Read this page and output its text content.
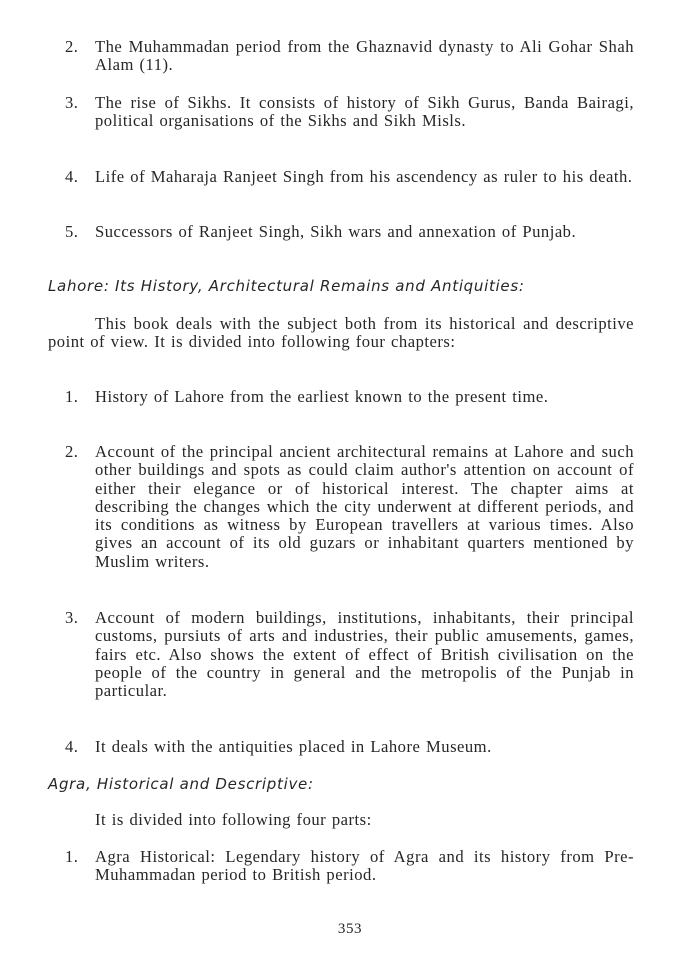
2. The Muhammadan period from the Ghaznavid dynasty to Ali Gohar Shah Alam (11).
3. The rise of Sikhs. It consists of history of Sikh Gurus, Banda Bairagi, political organisations of the Sikhs and Sikh Misls.
4. Life of Maharaja Ranjeet Singh from his ascendency as ruler to his death.
5. Successors of Ranjeet Singh, Sikh wars and annexation of Punjab.
Lahore: Its History, Architectural Remains and Antiquities:
This book deals with the subject both from its historical and descriptive point of view. It is divided into following four chapters:
1. History of Lahore from the earliest known to the present time.
2. Account of the principal ancient architectural remains at Lahore and such other buildings and spots as could claim author's attention on account of either their elegance or of historical interest. The chapter aims at describing the changes which the city underwent at different periods, and its conditions as witness by European travellers at various times. Also gives an account of its old guzars or inhabitant quarters mentioned by Muslim writers.
3. Account of modern buildings, institutions, inhabitants, their principal customs, pursiuts of arts and industries, their public amusements, games, fairs etc. Also shows the extent of effect of British civilisation on the people of the country in general and the metropolis of the Punjab in particular.
4. It deals with the antiquities placed in Lahore Museum.
Agra, Historical and Descriptive:
It is divided into following four parts:
1. Agra Historical: Legendary history of Agra and its history from Pre-Muhammadan period to British period.
353
